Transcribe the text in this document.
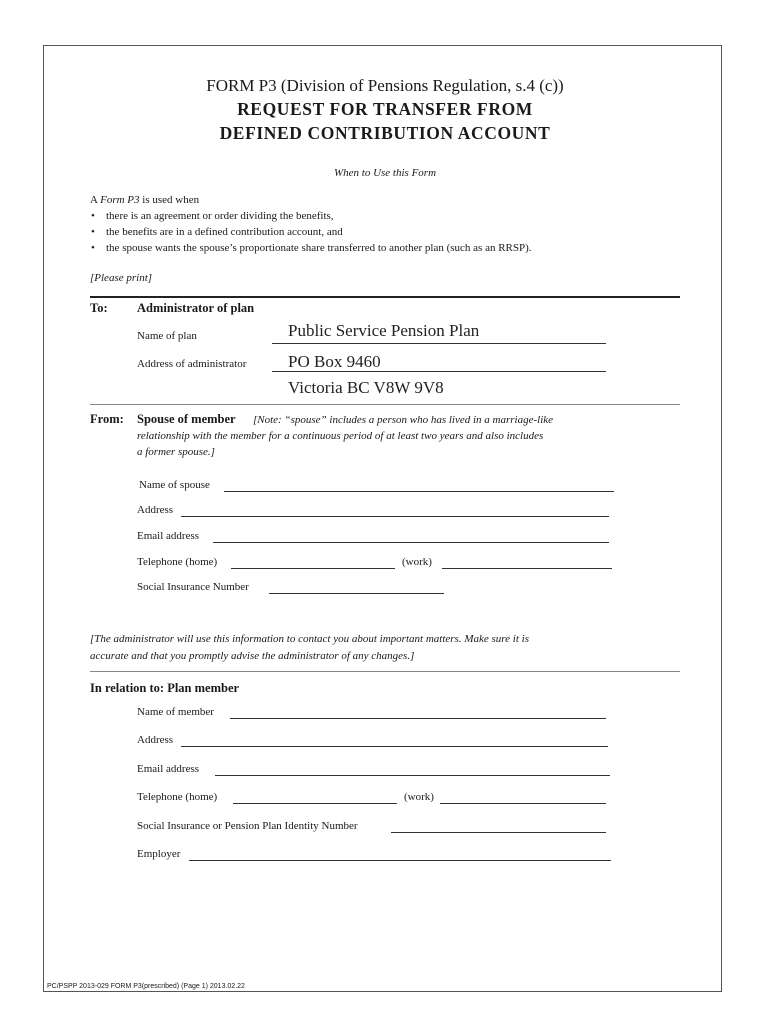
FORM P3 (Division of Pensions Regulation, s.4 (c))
REQUEST FOR TRANSFER FROM
DEFINED CONTRIBUTION ACCOUNT
When to Use this Form
A Form P3 is used when
• there is an agreement or order dividing the benefits,
• the benefits are in a defined contribution account, and
• the spouse wants the spouse’s proportionate share transferred to another plan (such as an RRSP).
[Please print]
To: Administrator of plan
Name of plan	Public Service Pension Plan
Address of administrator PO Box 9460
Victoria BC V8W 9V8
From: Spouse of member [Note: “spouse” includes a person who has lived in a marriage-like
relationship with the member for a continuous period of at least two years and also includes
a former spouse.]
Name of spouse
Address
Email address
Telephone (home)	(work)
Social Insurance Number
[The administrator will use this information to contact you about important matters. Make sure it is
accurate and that you promptly advise the administrator of any changes.]
In relation to: Plan member
Name of member
Address
Email address
Telephone (home)	(work)
Social Insurance or Pension Plan Identity Number
Employer
PC/PSPP 2013-029 FORM P3(prescribed) (Page 1) 2013.02.22
